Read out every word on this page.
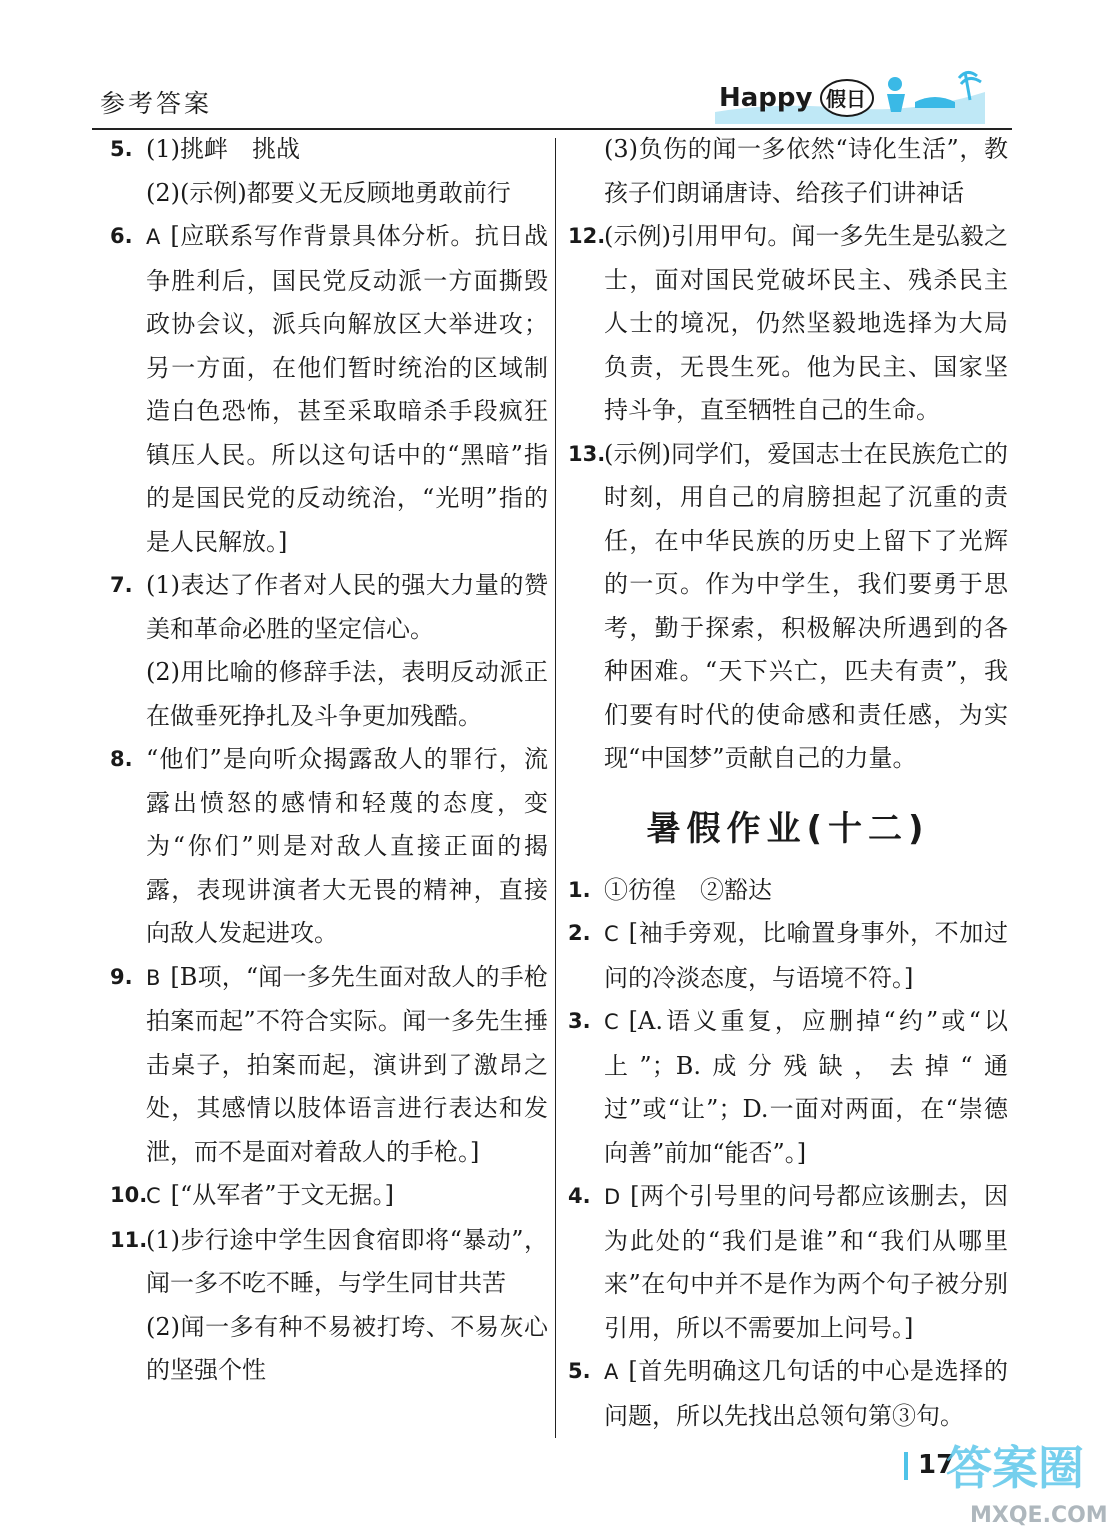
参考答案	Happy 假日
5. (1)挑衅　挑战
(2)(示例)都要义无反顾地勇敢前行
6. A [应联系写作背景具体分析。抗日战争胜利后，国民党反动派一方面撕毁政协会议，派兵向解放区大举进攻；另一方面，在他们暂时统治的区域制造白色恐怖，甚至采取暗杀手段疯狂镇压人民。所以这句话中的“黑暗”指的是国民党的反动统治，“光明”指的是人民解放。]
7. (1)表达了作者对人民的强大力量的赞美和革命必胜的坚定信心。
(2)用比喻的修辞手法，表明反动派正在做垂死挣扎及斗争更加残酷。
8. “他们”是向听众揭露敌人的罪行，流露出愤怒的感情和轻蔑的态度，变为“你们”则是对敌人直接正面的揭露，表现讲演者大无畏的精神，直接向敌人发起进攻。
9. B [B项，“闻一多先生面对敌人的手枪拍案而起”不符合实际。闻一多先生捶击桌子，拍案而起，演讲到了激昂之处，其感情以肢体语言进行表达和发泄，而不是面对着敌人的手枪。]
10.
C [“从军者”于文无据。]
11.
(1)步行途中学生因食宿即将“暴动”，闻一多不吃不睡，与学生同甘共苦
(2)闻一多有种不易被打垮、不易灰心的坚强个性
(3)负伤的闻一多依然“诗化生活”，教孩子们朗诵唐诗、给孩子们讲神话
12.
(示例)引用甲句。闻一多先生是弘毅之士，面对国民党破坏民主、残杀民主人士的境况，仍然坚毅地选择为大局负责，无畏生死。他为民主、国家坚持斗争，直至牺牲自己的生命。
13.
(示例)同学们，爱国志士在民族危亡的时刻，用自己的肩膀担起了沉重的责任，在中华民族的历史上留下了光辉的一页。作为中学生，我们要勇于思考，勤于探索，积极解决所遇到的各种困难。“天下兴亡，匹夫有责”，我们要有时代的使命感和责任感，为实现“中国梦”贡献自己的力量。
暑假作业(十二)
1. ①彷徨　②豁达
2. C [袖手旁观，比喻置身事外，不加过问的冷淡态度，与语境不符。]
3. C [A.语义重复，应删掉“约”或“以上”；B.成分残缺，去掉“通过”或“让”；D.一面对两面，在“崇德向善”前加“能否”。]
4. D [两个引号里的问号都应该删去，因为此处的“我们是谁”和“我们从哪里来”在句中并不是作为两个句子被分别引用，所以不需要加上问号。]
5. A [首先明确这几句话的中心是选择的问题，所以先找出总领句第③句。
17
答案圈
MXQE.COM
